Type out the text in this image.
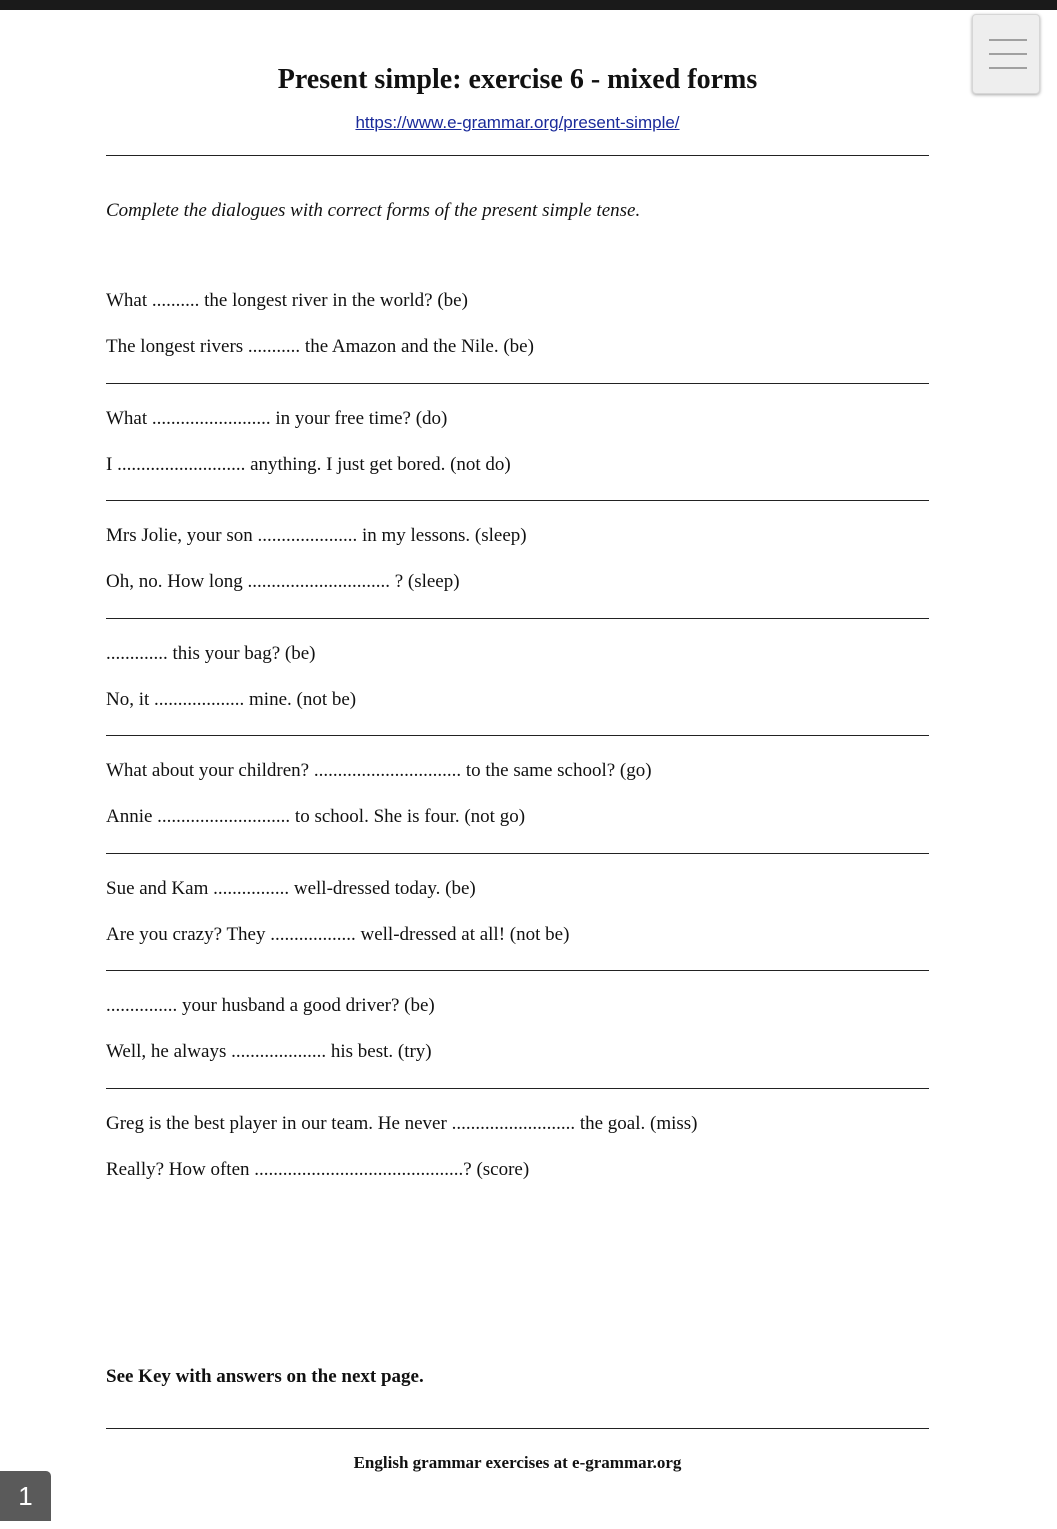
Present simple: exercise 6 - mixed forms
https://www.e-grammar.org/present-simple/
Complete the dialogues with correct forms of the present simple tense.
What .......... the longest river in the world? (be)
The longest rivers ........... the Amazon and the Nile. (be)
What ......................... in your free time? (do)
I ........................... anything. I just get bored. (not do)
Mrs Jolie, your son ..................... in my lessons. (sleep)
Oh, no. How long .............................. ? (sleep)
............. this your bag? (be)
No, it ................... mine. (not be)
What about your children? ............................... to the same school? (go)
Annie ............................ to school. She is four. (not go)
Sue and Kam ................ well-dressed today. (be)
Are you crazy? They .................. well-dressed at all! (not be)
............... your husband a good driver? (be)
Well, he always .................... his best. (try)
Greg is the best player in our team. He never .......................... the goal. (miss)
Really? How often ............................................? (score)
See Key with answers on the next page.
English grammar exercises at e-grammar.org
1
